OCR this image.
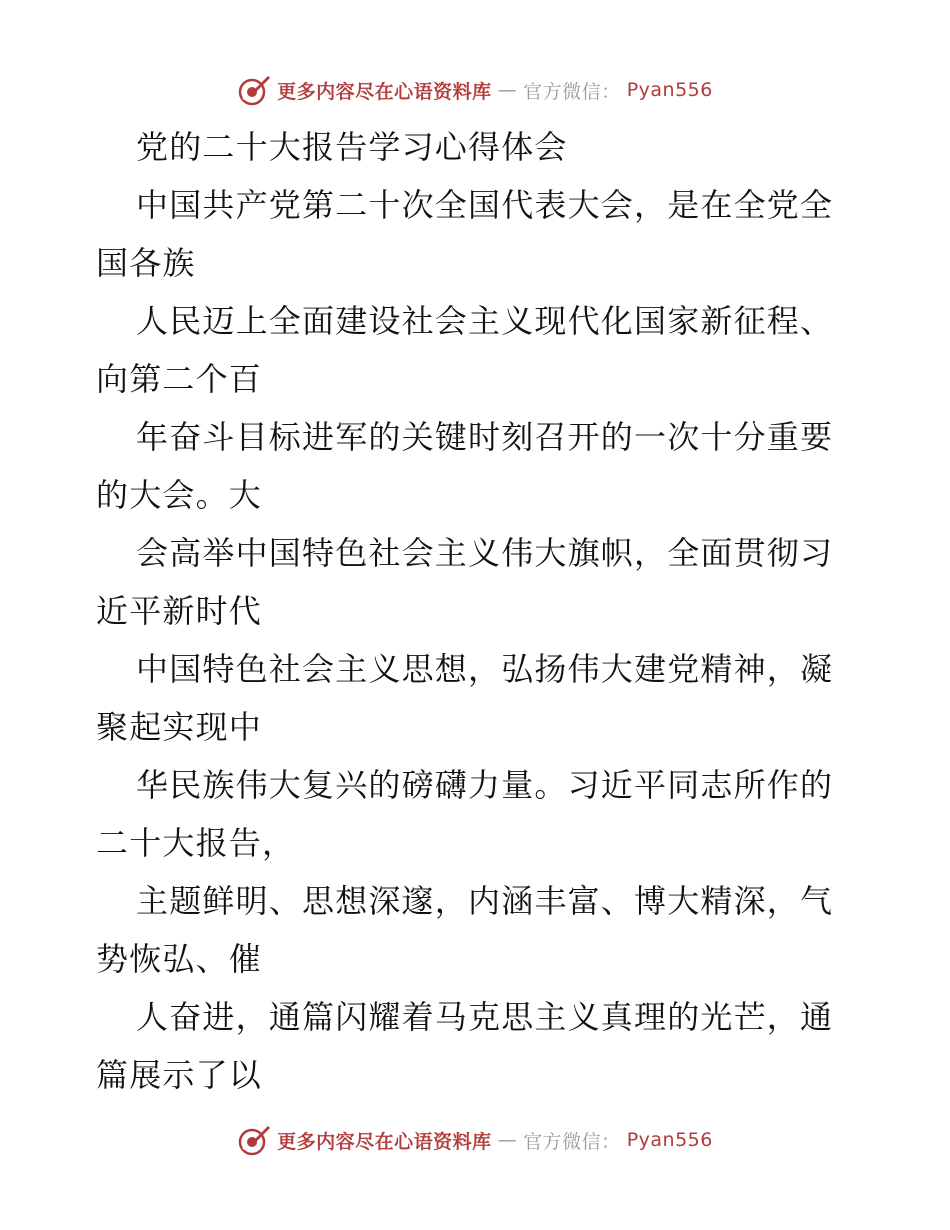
更多内容尽在心语资料库 — 官方微信： Pyan556
党的二十大报告学习心得体会
中国共产党第二十次全国代表大会，是在全党全
国各族
人民迈上全面建设社会主义现代化国家新征程、
向第二个百
年奋斗目标进军的关键时刻召开的一次十分重要
的大会。大
会高举中国特色社会主义伟大旗帜，全面贯彻习
近平新时代
中国特色社会主义思想，弘扬伟大建党精神，凝
聚起实现中
华民族伟大复兴的磅礴力量。习近平同志所作的
二十大报告，
主题鲜明、思想深邃，内涵丰富、博大精深，气
势恢弘、催
人奋进，通篇闪耀着马克思主义真理的光芒，通
篇展示了以
更多内容尽在心语资料库 — 官方微信： Pyan556
